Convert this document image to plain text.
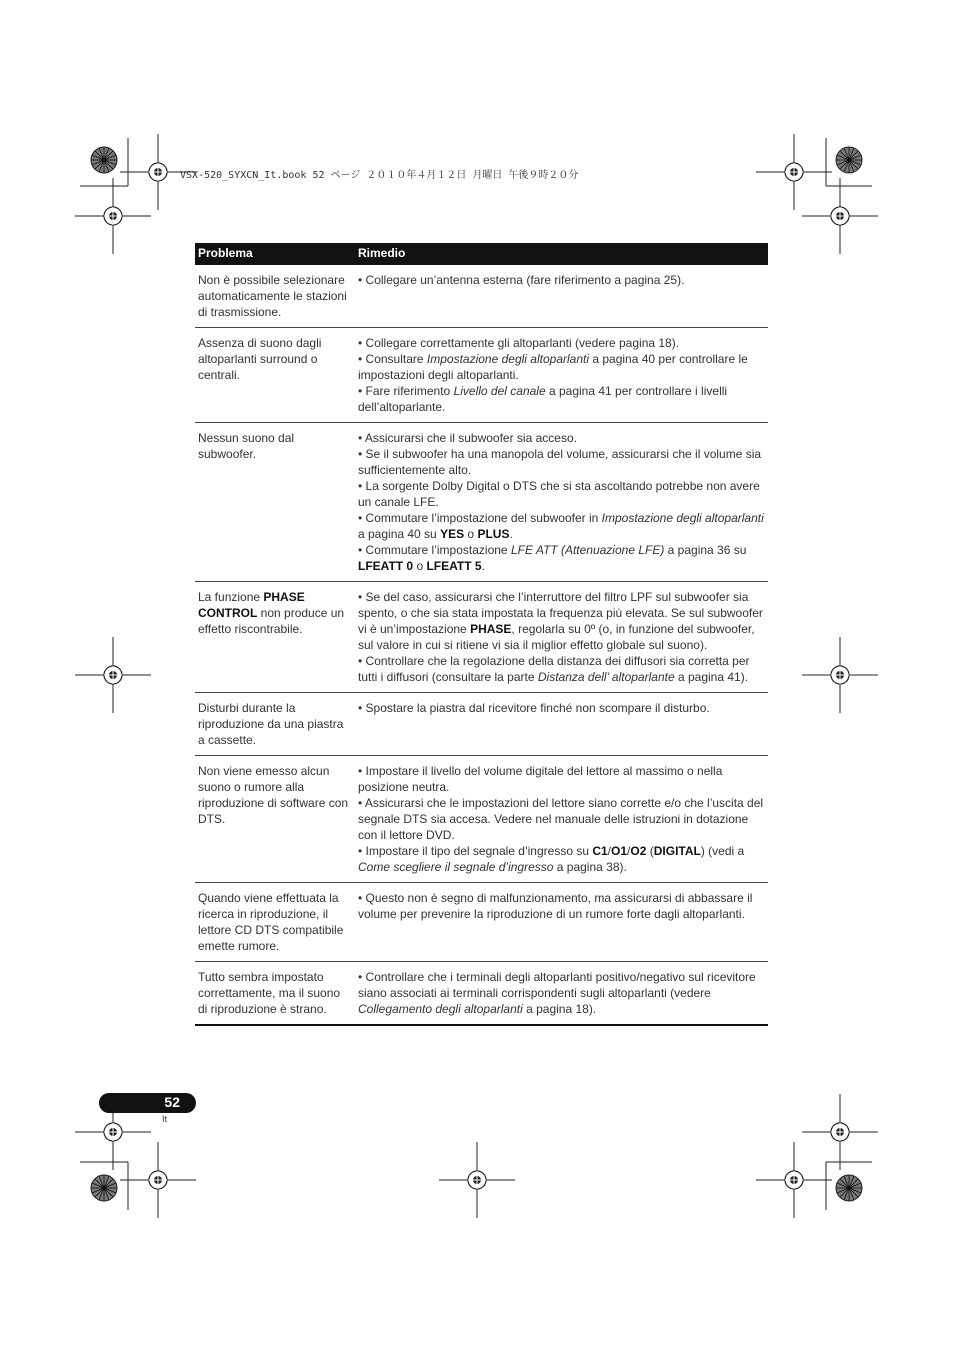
VSX-520_SYXCN_It.book 52 ページ ２０１０年４月１２日 月曜日 午後９時２０分
Problema	Rimedio
Non è possibile selezionare automaticamente le stazioni di trasmissione.	• Collegare un’antenna esterna (fare riferimento a pagina 25).

Assenza di suono dagli altoparlanti surround o centrali.	• Collegare correttamente gli altoparlanti (vedere pagina 18).
• Consultare Impostazione degli altoparlanti a pagina 40 per controllare le impostazioni degli altoparlanti.
• Fare riferimento Livello del canale a pagina 41 per controllare i livelli dell’altoparlante.

Nessun suono dal subwoofer.	• Assicurarsi che il subwoofer sia acceso.
• Se il subwoofer ha una manopola del volume, assicurarsi che il volume sia sufficientemente alto.
• La sorgente Dolby Digital o DTS che si sta ascoltando potrebbe non avere un canale LFE.
• Commutare l’impostazione del subwoofer in Impostazione degli altoparlanti a pagina 40 su YES o PLUS.
• Commutare l’impostazione LFE ATT (Attenuazione LFE) a pagina 36 su LFEATT 0 o LFEATT 5.

La funzione PHASE CONTROL non produce un effetto riscontrabile.	• Se del caso, assicurarsi che l’interruttore del filtro LPF sul subwoofer sia spento, o che sia stata impostata la frequenza più elevata. Se sul subwoofer vi è un’impostazione PHASE, regolarla su 0º (o, in funzione del subwoofer, sul valore in cui si ritiene vi sia il miglior effetto globale sul suono).
• Controllare che la regolazione della distanza dei diffusori sia corretta per tutti i diffusori (consultare la parte Distanza dell’ altoparlante a pagina 41).

Disturbi durante la riproduzione da una piastra a cassette.	• Spostare la piastra dal ricevitore finché non scompare il disturbo.

Non viene emesso alcun suono o rumore alla riproduzione di software con DTS.	• Impostare il livello del volume digitale del lettore al massimo o nella posizione neutra.
• Assicurarsi che le impostazioni del lettore siano corrette e/o che l’uscita del segnale DTS sia accesa. Vedere nel manuale delle istruzioni in dotazione con il lettore DVD.
• Impostare il tipo del segnale d’ingresso su C1/O1/O2 (DIGITAL) (vedi a Come scegliere il segnale d’ingresso a pagina 38).

Quando viene effettuata la ricerca in riproduzione, il lettore CD DTS compatibile emette rumore.	• Questo non è segno di malfunzionamento, ma assicurarsi di abbassare il volume per prevenire la riproduzione di un rumore forte dagli altoparlanti.

Tutto sembra impostato correttamente, ma il suono di riproduzione è strano.	• Controllare che i terminali degli altoparlanti positivo/negativo sul ricevitore siano associati ai terminali corrispondenti sugli altoparlanti (vedere Collegamento degli altoparlanti a pagina 18).
52
It
